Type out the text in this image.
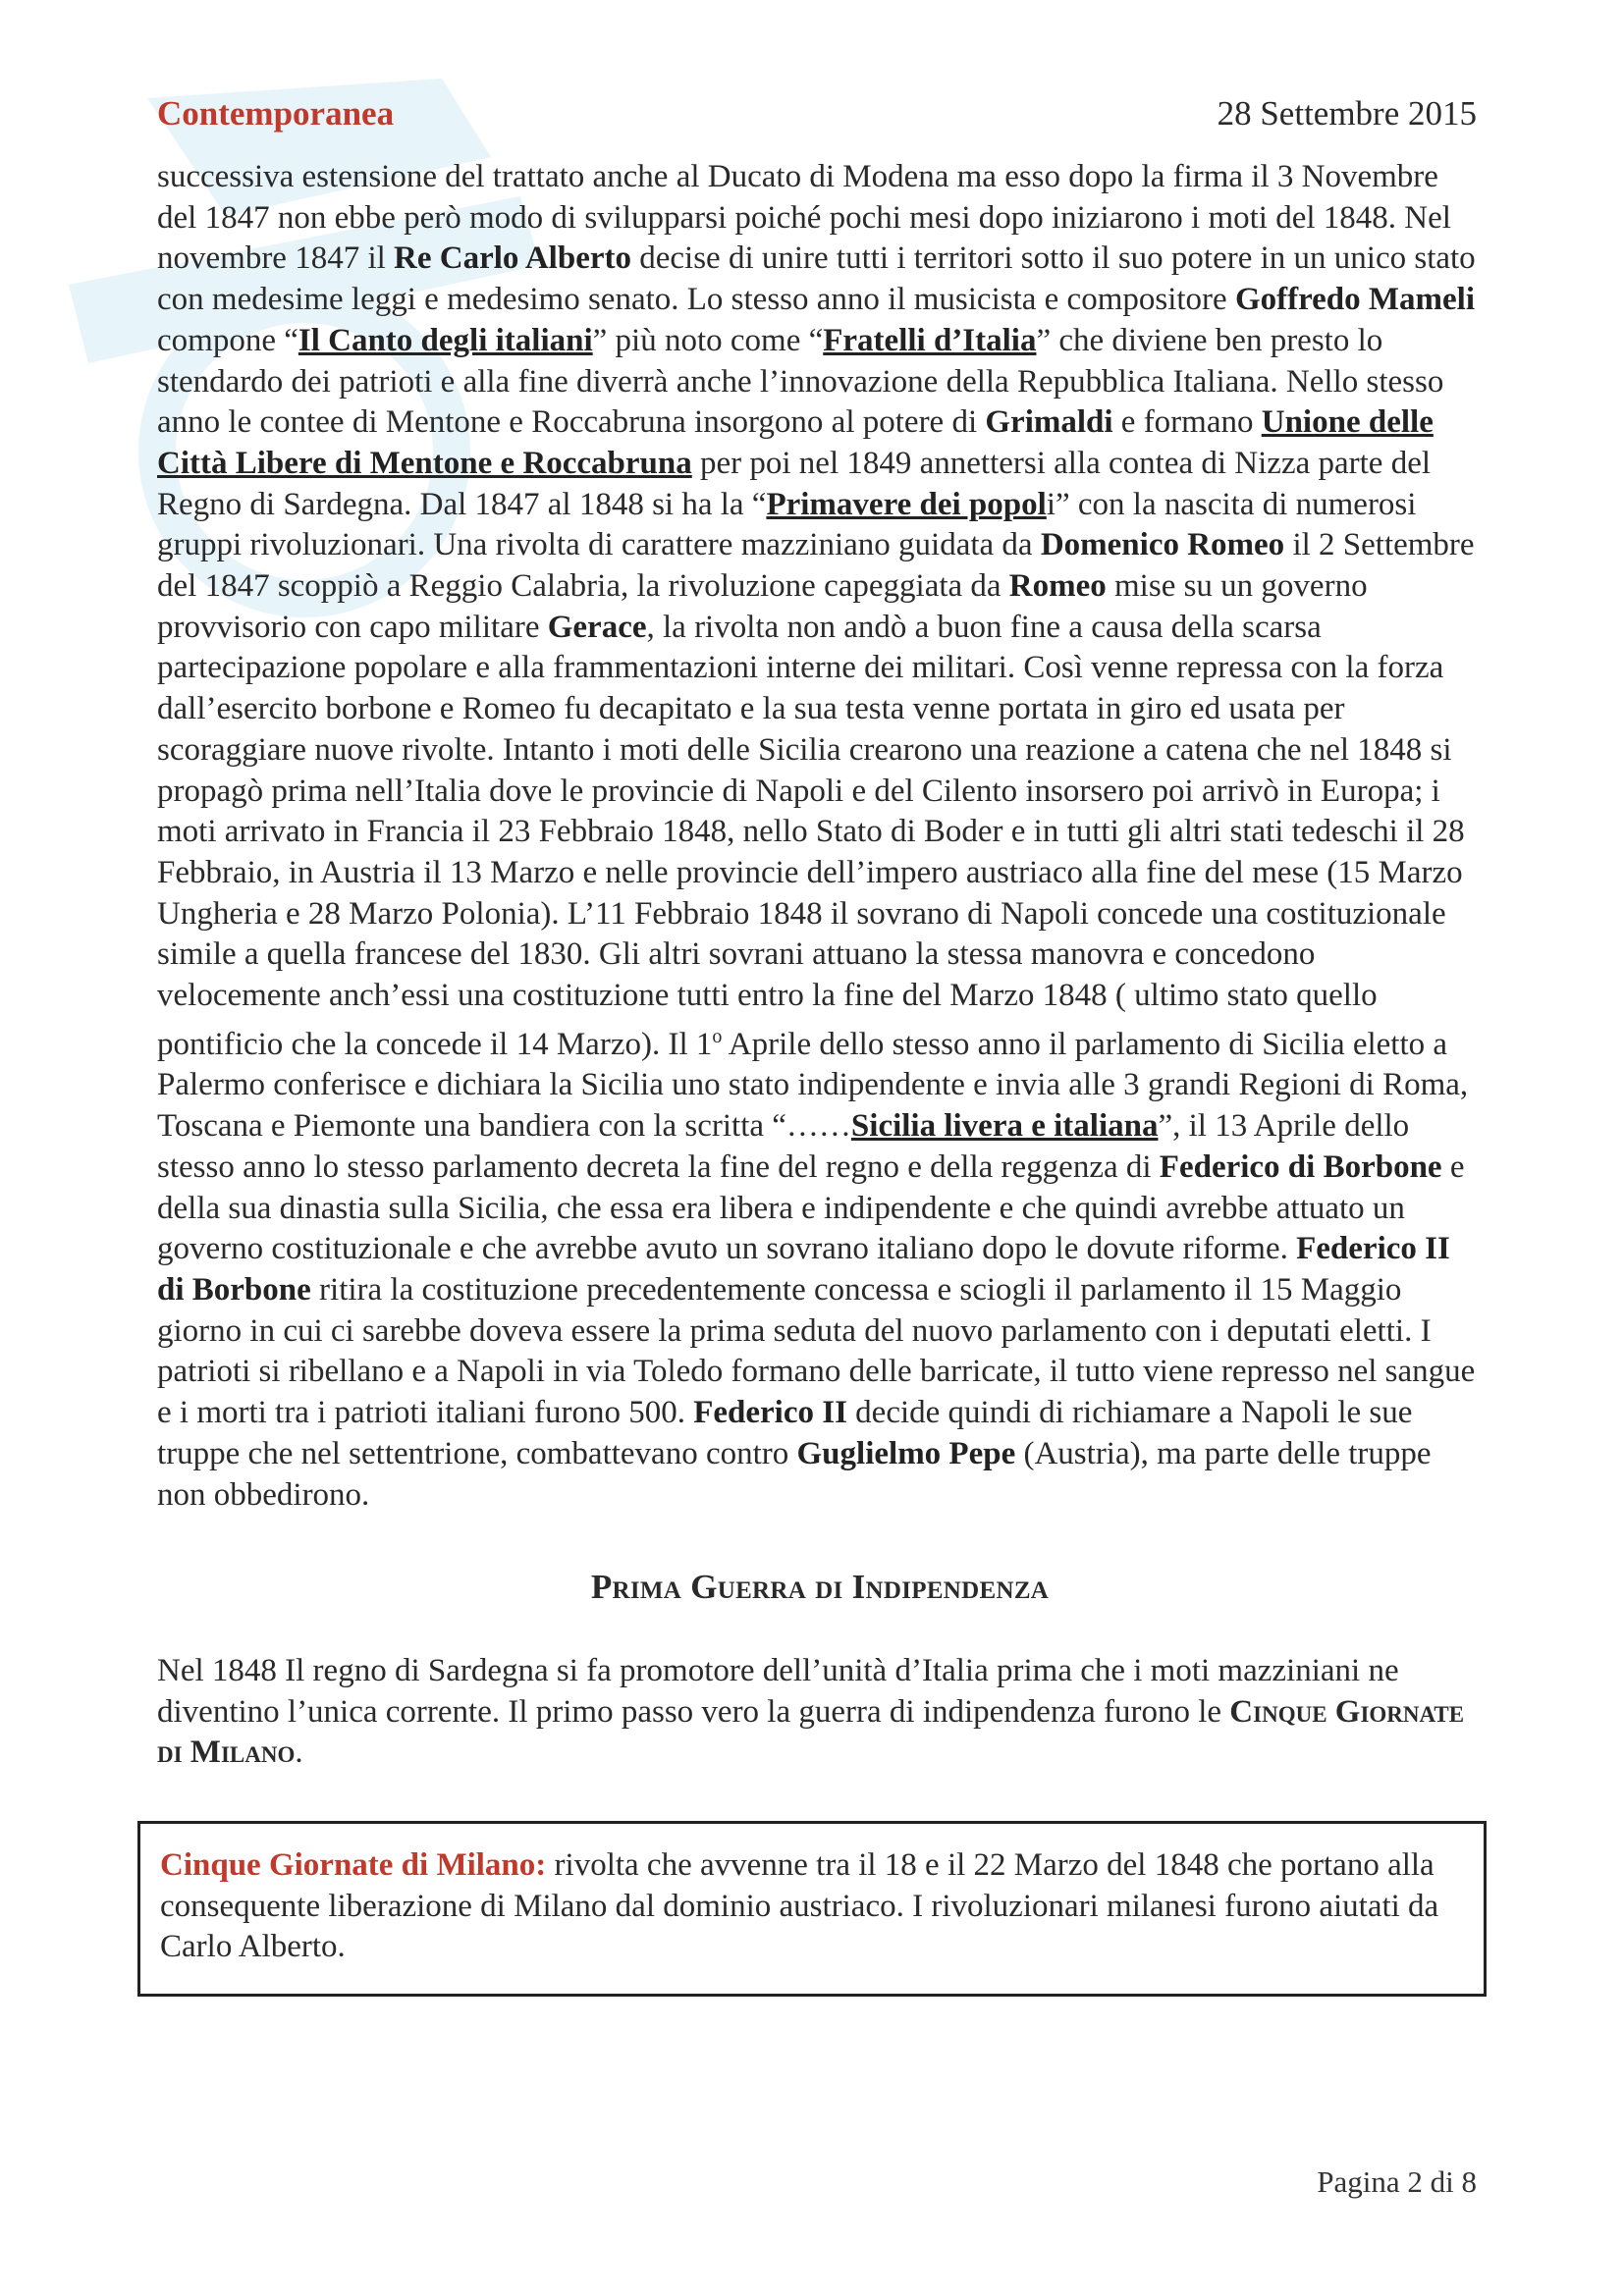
Contemporanea	28 Settembre 2015

successiva estensione del trattato anche al Ducato di Modena ma esso dopo la firma il 3 Novembre del 1847 non ebbe però modo di svilupparsi poiché pochi mesi dopo iniziarono i moti del 1848. Nel novembre 1847 il Re Carlo Alberto decise di unire tutti i territori sotto il suo potere in un unico stato con medesime leggi e medesimo senato. Lo stesso anno il musicista e compositore Goffredo Mameli compone “Il Canto degli italiani” più noto come “Fratelli d’Italia” che diviene ben presto lo stendardo dei patrioti e alla fine diverrà anche l’innovazione della Repubblica Italiana. Nello stesso anno le contee di Mentone e Roccabruna insorgono al potere di Grimaldi e formano Unione delle Città Libere di Mentone e Roccabruna per poi nel 1849 annettersi alla contea di Nizza parte del Regno di Sardegna. Dal 1847 al 1848 si ha la “Primavere dei popoli” con la nascita di numerosi gruppi rivoluzionari. Una rivolta di carattere mazziniano guidata da Domenico Romeo il 2 Settembre del 1847 scoppiò a Reggio Calabria, la rivoluzione capeggiata da Romeo mise su un governo provvisorio con capo militare Gerace, la rivolta non andò a buon fine a causa della scarsa partecipazione popolare e alla frammentazioni interne dei militari. Così venne repressa con la forza dall’esercito borbone e Romeo fu decapitato e la sua testa venne portata in giro ed usata per scoraggiare nuove rivolte. Intanto i moti delle Sicilia crearono una reazione a catena che nel 1848 si propagò prima nell’Italia dove le provincie di Napoli e del Cilento insorsero poi arrivò in Europa; i moti arrivato in Francia il 23 Febbraio 1848, nello Stato di Boder e in tutti gli altri stati tedeschi il 28 Febbraio, in Austria il 13 Marzo e nelle provincie dell’impero austriaco alla fine del mese (15 Marzo Ungheria e 28 Marzo Polonia). L’11 Febbraio 1848 il sovrano di Napoli concede una costituzionale simile a quella francese del 1830. Gli altri sovrani attuano la stessa manovra e concedono velocemente anch’essi una costituzione tutti entro la fine del Marzo 1848 ( ultimo stato quello pontificio che la concede il 14 Marzo). Il 1$^o$ Aprile dello stesso anno il parlamento di Sicilia eletto a Palermo conferisce e dichiara la Sicilia uno stato indipendente e invia alle 3 grandi Regioni di Roma, Toscana e Piemonte una bandiera con la scritta “……Sicilia livera e italiana”, il 13 Aprile dello stesso anno lo stesso parlamento decreta la fine del regno e della reggenza di Federico di Borbone e della sua dinastia sulla Sicilia, che essa era libera e indipendente e che quindi avrebbe attuato un governo costituzionale e che avrebbe avuto un sovrano italiano dopo le dovute riforme. Federico II di Borbone ritira la costituzione precedentemente concessa e sciogli il parlamento il 15 Maggio giorno in cui ci sarebbe doveva essere la prima seduta del nuovo parlamento con i deputati eletti. I patrioti si ribellano e a Napoli in via Toledo formano delle barricate, il tutto viene represso nel sangue e i morti tra i patrioti italiani furono 500. Federico II decide quindi di richiamare a Napoli le sue truppe che nel settentrione, combattevano contro Guglielmo Pepe (Austria), ma parte delle truppe non obbedirono.

Prima Guerra di Indipendenza

Nel 1848 Il regno di Sardegna si fa promotore dell’unità d’Italia prima che i moti mazziniani ne diventino l’unica corrente. Il primo passo vero la guerra di indipendenza furono le Cinque Giornate di Milano.

Cinque Giornate di Milano: rivolta che avvenne tra il 18 e il 22 Marzo del 1848 che portano alla consequente liberazione di Milano dal dominio austriaco. I rivoluzionari milanesi furono aiutati da Carlo Alberto.
Pagina 2 di 8
